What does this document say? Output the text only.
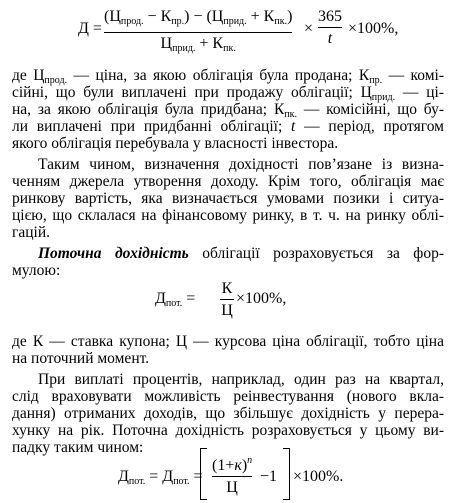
Д =
$(Ц_{прод.} - К_{пр.}) - (Ц_{прид.} + К_{пк.})$
$Ц_{прид.} + К_{пк.}$
×
365
t
×100%,
де $Ц_{прод.}$ — ціна, за якою облігація була продана; $К_{пр.}$ — комі-
сійні, що були виплачені при продажу облігації; $Ц_{прид.}$ — ці-
на, за якою облігація була придбана; $К_{пк.}$ — комісійні, що бу-
ли виплачені при придбанні облігації; t — період, протягом
якого облігація перебувала у власності інвестора.
Таким чином, визначення дохідності пов’язане із визна-
ченням джерела утворення доходу. Крім того, облігація має
ринкову вартість, яка визначається умовами позики і ситуа-
цією, що склалася на фінансовому ринку, в т. ч. на ринку облі-
гацій.
Поточна дохідність облігації розраховується за фор-
мулою:
$Д_{пот.}$ =
К
Ц
×100%,
де К — ставка купона; Ц — курсова ціна облігації, тобто ціна
на поточний момент.
При виплаті процентів, наприклад, один раз на квартал,
слід враховувати можливість реінвестування (нового вкла-
дання) отриманих доходів, що збільшує дохідність у перера-
хунку на рік. Поточна дохідність розраховується у цьому ви-
падку таким чином:
$Д_{пот.} = Д_{пот.}$ =
$(1+к)^n$
Ц
−1 ×100%.
